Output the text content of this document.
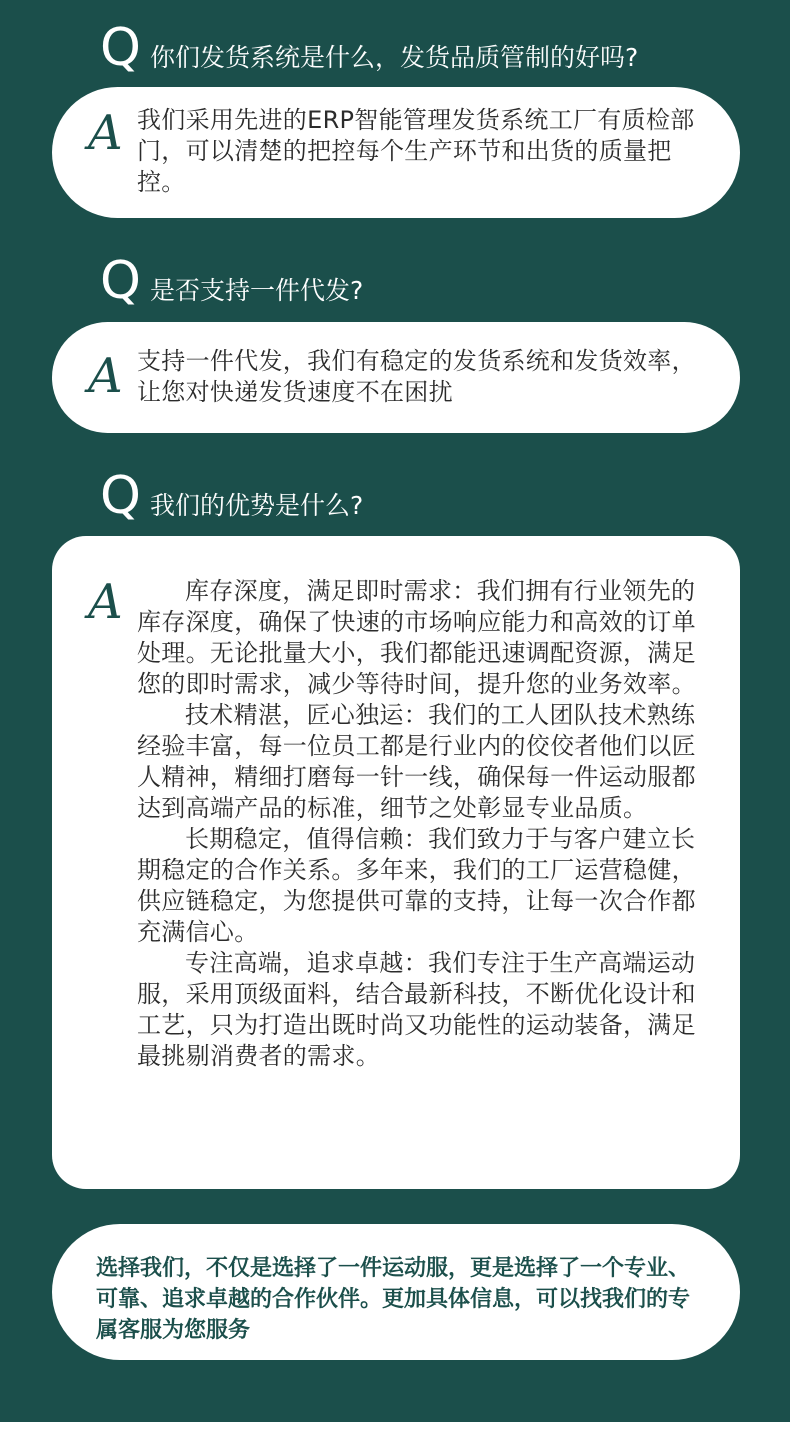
Q 你们发货系统是什么，发货品质管制的好吗?
A 我们采用先进的ERP智能管理发货系统工厂有质检部门，可以清楚的把控每个生产环节和出货的质量把控。
Q 是否支持一件代发?
A 支持一件代发，我们有稳定的发货系统和发货效率，让您对快递发货速度不在困扰
Q 我们的优势是什么?
A	库存深度，满足即时需求：我们拥有行业领先的库存深度，确保了快速的市场响应能力和高效的订单处理。无论批量大小，我们都能迅速调配资源，满足您的即时需求，减少等待时间，提升您的业务效率。

技术精湛，匠心独运：我们的工人团队技术熟练经验丰富，每一位员工都是行业内的佼佼者他们以匠人精神，精细打磨每一针一线，确保每一件运动服都达到高端产品的标准，细节之处彰显专业品质。

长期稳定，值得信赖：我们致力于与客户建立长期稳定的合作关系。多年来，我们的工厂运营稳健，供应链稳定，为您提供可靠的支持，让每一次合作都充满信心。

专注高端，追求卓越：我们专注于生产高端运动服，采用顶级面料，结合最新科技，不断优化设计和工艺，只为打造出既时尚又功能性的运动装备，满足最挑剔消费者的需求。

选择我们，不仅是选择了一件运动服，更是选择了一个专业、可靠、追求卓越的合作伙伴。更加具体信息，可以找我们的专属客服为您服务
